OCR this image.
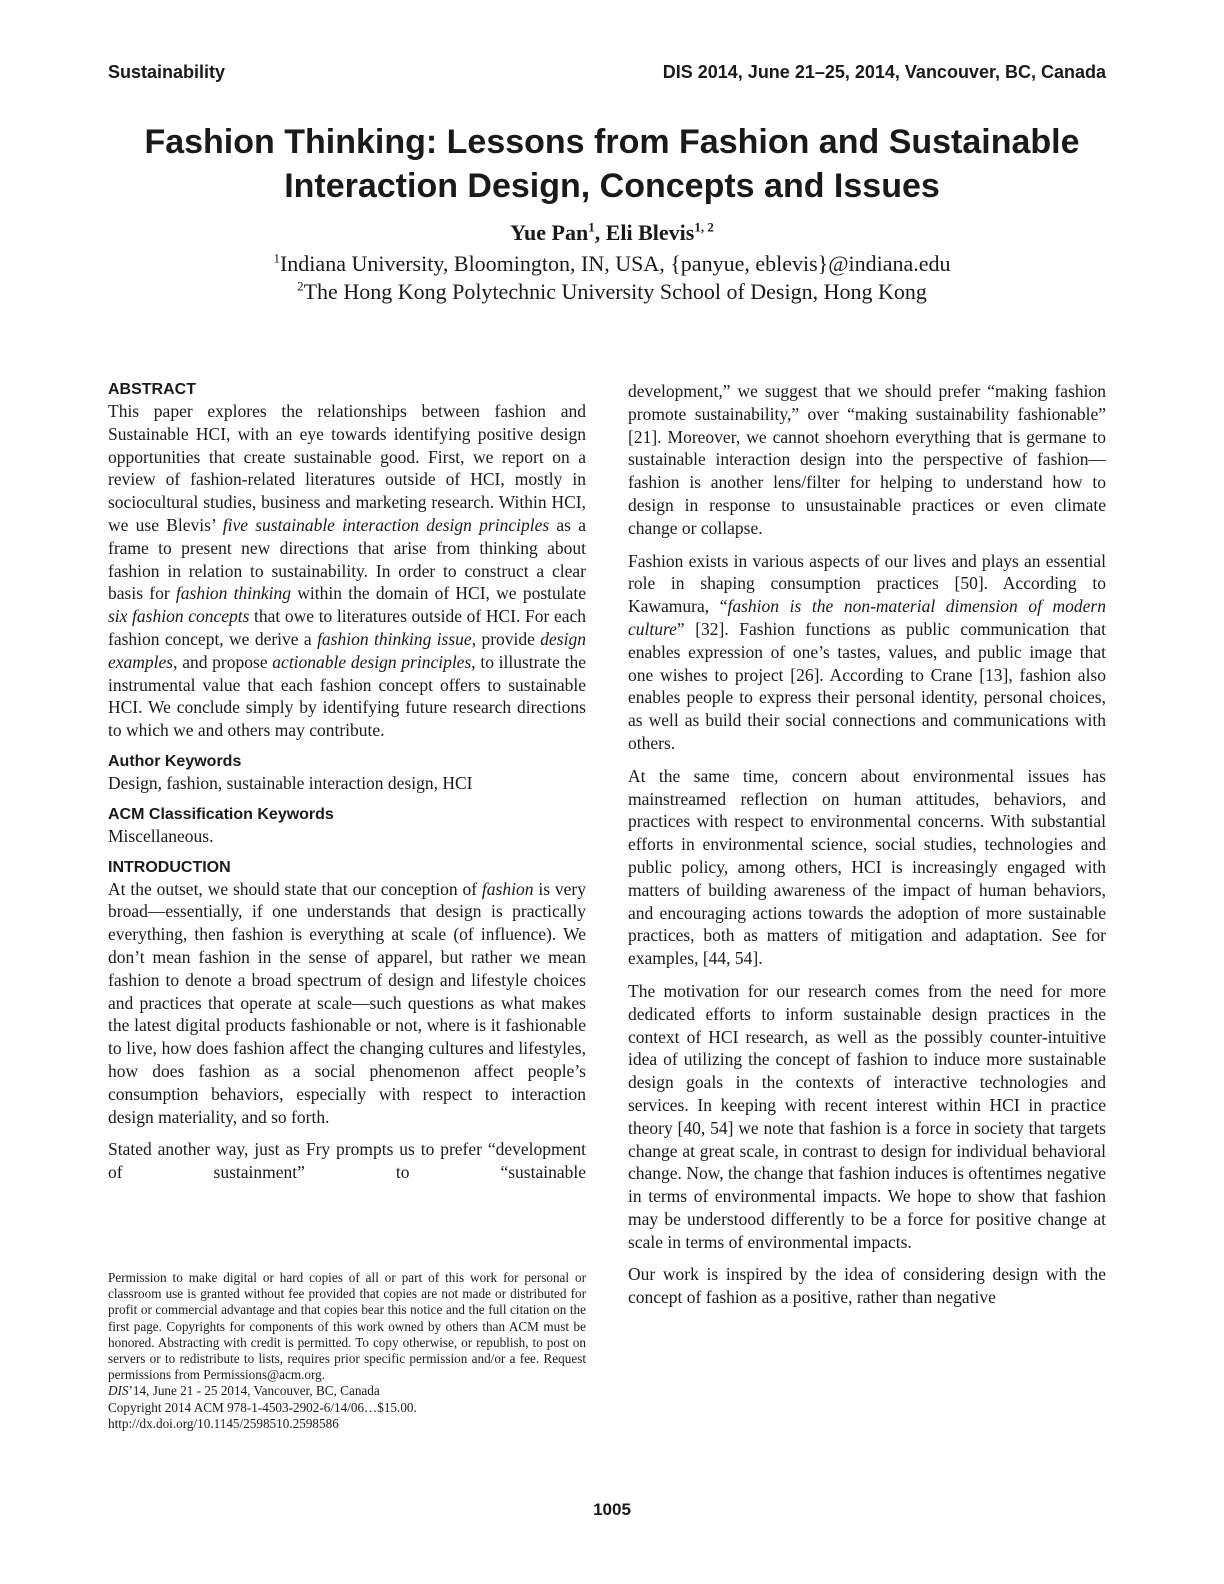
Sustainability	DIS 2014, June 21–25, 2014, Vancouver, BC, Canada
Fashion Thinking: Lessons from Fashion and Sustainable Interaction Design, Concepts and Issues
Yue Pan$^1$, Eli Blevis$^{1, 2}$
$^1$Indiana University, Bloomington, IN, USA, {panyue, eblevis}@indiana.edu
$^2$The Hong Kong Polytechnic University School of Design, Hong Kong

ABSTRACT

This paper explores the relationships between fashion and Sustainable HCI, with an eye towards identifying positive design opportunities that create sustainable good. First, we report on a review of fashion-related literatures outside of HCI, mostly in sociocultural studies, business and marketing research. Within HCI, we use Blevis’ five sustainable interaction design principles as a frame to present new directions that arise from thinking about fashion in relation to sustainability. In order to construct a clear basis for fashion thinking within the domain of HCI, we postulate six fashion concepts that owe to literatures outside of HCI. For each fashion concept, we derive a fashion thinking issue, provide design examples, and propose actionable design principles, to illustrate the instrumental value that each fashion concept offers to sustainable HCI. We conclude simply by identifying future research directions to which we and others may contribute.

Author Keywords

Design, fashion, sustainable interaction design, HCI

ACM Classification Keywords

Miscellaneous.

INTRODUCTION

At the outset, we should state that our conception of fashion is very broad—essentially, if one understands that design is practically everything, then fashion is everything at scale (of influence). We don’t mean fashion in the sense of apparel, but rather we mean fashion to denote a broad spectrum of design and lifestyle choices and practices that operate at scale—such questions as what makes the latest digital products fashionable or not, where is it fashionable to live, how does fashion affect the changing cultures and lifestyles, how does fashion as a social phenomenon affect people’s consumption behaviors, especially with respect to interaction design materiality, and so forth.

Stated another way, just as Fry prompts us to prefer “development of sustainment” to “sustainable

Permission to make digital or hard copies of all or part of this work for personal or classroom use is granted without fee provided that copies are not made or distributed for profit or commercial advantage and that copies bear this notice and the full citation on the first page. Copyrights for components of this work owned by others than ACM must be honored. Abstracting with credit is permitted. To copy otherwise, or republish, to post on servers or to redistribute to lists, requires prior specific permission and/or a fee. Request permissions from Permissions@acm.org.

DIS’14, June 21 - 25 2014, Vancouver, BC, Canada

Copyright 2014 ACM 978-1-4503-2902-6/14/06…$15.00.

http://dx.doi.org/10.1145/2598510.2598586

development,” we suggest that we should prefer “making fashion promote sustainability,” over “making sustainability fashionable” [21]. Moreover, we cannot shoehorn everything that is germane to sustainable interaction design into the perspective of fashion—fashion is another lens/filter for helping to understand how to design in response to unsustainable practices or even climate change or collapse.

Fashion exists in various aspects of our lives and plays an essential role in shaping consumption practices [50]. According to Kawamura, “fashion is the non-material dimension of modern culture” [32]. Fashion functions as public communication that enables expression of one’s tastes, values, and public image that one wishes to project [26]. According to Crane [13], fashion also enables people to express their personal identity, personal choices, as well as build their social connections and communications with others.

At the same time, concern about environmental issues has mainstreamed reflection on human attitudes, behaviors, and practices with respect to environmental concerns. With substantial efforts in environmental science, social studies, technologies and public policy, among others, HCI is increasingly engaged with matters of building awareness of the impact of human behaviors, and encouraging actions towards the adoption of more sustainable practices, both as matters of mitigation and adaptation. See for examples, [44, 54].

The motivation for our research comes from the need for more dedicated efforts to inform sustainable design practices in the context of HCI research, as well as the possibly counter-intuitive idea of utilizing the concept of fashion to induce more sustainable design goals in the contexts of interactive technologies and services. In keeping with recent interest within HCI in practice theory [40, 54] we note that fashion is a force in society that targets change at great scale, in contrast to design for individual behavioral change. Now, the change that fashion induces is oftentimes negative in terms of environmental impacts. We hope to show that fashion may be understood differently to be a force for positive change at scale in terms of environmental impacts.

Our work is inspired by the idea of considering design with the concept of fashion as a positive, rather than negative

1005
